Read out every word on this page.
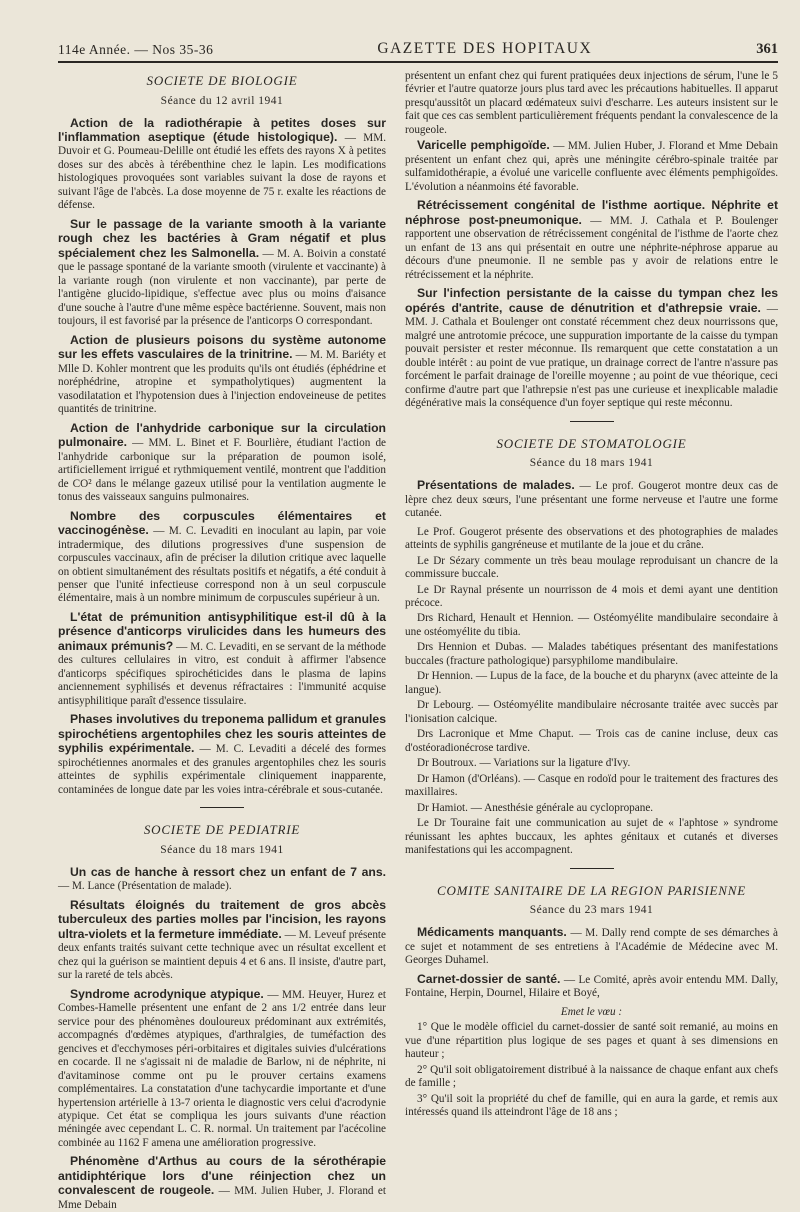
114e Année. — Nos 35-36	GAZETTE DES HOPITAUX	361
SOCIETE DE BIOLOGIE
Séance du 12 avril 1941

Action de la radiothérapie à petites doses sur l'inflammation aseptique (étude histologique). — MM. Duvoir et G. Poumeau-Delille ont étudié les effets des rayons X à petites doses sur des abcès à térébenthine chez le lapin. Les modifications histologiques provoquées sont variables suivant la dose de rayons et suivant l'âge de l'abcès. La dose moyenne de 75 r. exalte les réactions de défense.

Sur le passage de la variante smooth à la variante rough chez les bactéries à Gram négatif et plus spécialement chez les Salmonella. — M. A. Boivin a constaté que le passage spontané de la variante smooth (virulente et vaccinante) à la variante rough (non virulente et non vaccinante), par perte de l'antigène glucido-lipidique, s'effectue avec plus ou moins d'aisance d'une souche à l'autre d'une même espèce bactérienne. Souvent, mais non toujours, il est favorisé par la présence de l'anticorps O correspondant.

Action de plusieurs poisons du système autonome sur les effets vasculaires de la trinitrine. — M. M. Bariéty et Mlle D. Kohler montrent que les produits qu'ils ont étudiés (éphédrine et noréphédrine, atropine et sympatholytiques) augmentent la vasodilatation et l'hypotension dues à l'injection endoveineuse de petites quantités de trinitrine.

Action de l'anhydride carbonique sur la circulation pulmonaire. — MM. L. Binet et F. Bourlière, étudiant l'action de l'anhydride carbonique sur la préparation de poumon isolé, artificiellement irrigué et rythmiquement ventilé, montrent que l'addition de CO² dans le mélange gazeux utilisé pour la ventilation augmente le tonus des vaisseaux sanguins pulmonaires.

Nombre des corpuscules élémentaires et vaccinogénèse. — M. C. Levaditi en inoculant au lapin, par voie intradermique, des dilutions progressives d'une suspension de corpuscules vaccinaux, afin de préciser la dilution critique avec laquelle on obtient simultanément des résultats positifs et négatifs, a été conduit à penser que l'unité infectieuse correspond non à un seul corpuscule élémentaire, mais à un nombre minimum de corpuscules supérieur à un.

L'état de prémunition antisyphilitique est-il dû à la présence d'anticorps virulicides dans les humeurs des animaux prémunis? — M. C. Levaditi, en se servant de la méthode des cultures cellulaires in vitro, est conduit à affirmer l'absence d'anticorps spécifiques spirochéticides dans le plasma de lapins anciennement syphilisés et devenus réfractaires : l'immunité acquise antisyphilitique paraît d'essence tissulaire.

Phases involutives du treponema pallidum et granules spirochétiens argentophiles chez les souris atteintes de syphilis expérimentale. — M. C. Levaditi a décelé des formes spirochétiennes anormales et des granules argentophiles chez les souris atteintes de syphilis expérimentale cliniquement inapparente, contaminées de longue date par les voies intra-cérébrale et sous-cutanée.

SOCIETE DE PEDIATRIE
Séance du 18 mars 1941

Un cas de hanche à ressort chez un enfant de 7 ans. — M. Lance (Présentation de malade).

Résultats éloignés du traitement de gros abcès tuberculeux des parties molles par l'incision, les rayons ultra-violets et la fermeture immédiate. — M. Leveuf présente deux enfants traités suivant cette technique avec un résultat excellent et chez qui la guérison se maintient depuis 4 et 6 ans. Il insiste, d'autre part, sur la rareté de tels abcès.

Syndrome acrodynique atypique. — MM. Heuyer, Hurez et Combes-Hamelle présentent une enfant de 2 ans 1/2 entrée dans leur service pour des phénomènes douloureux prédominant aux extrémités, accompagnés d'œdèmes atypiques, d'arthralgies, de tuméfaction des gencives et d'ecchymoses péri-orbitaires et digitales suivies d'ulcérations en cocarde. Il ne s'agissait ni de maladie de Barlow, ni de néphrite, ni d'avitaminose comme ont pu le prouver certains examens complémentaires. La constatation d'une tachycardie importante et d'une hypertension artérielle à 13-7 orienta le diagnostic vers celui d'acrodynie atypique. Cet état se compliqua les jours suivants d'une réaction méningée avec cependant L. C. R. normal. Un traitement par l'acécoline combinée au 1162 F amena une amélioration progressive.

Phénomène d'Arthus au cours de la sérothérapie antidiphtérique lors d'une réinjection chez un convalescent de rougeole. — MM. Julien Huber, J. Florand et Mme Debain

présentent un enfant chez qui furent pratiquées deux injections de sérum, l'une le 5 février et l'autre quatorze jours plus tard avec les précautions habituelles. Il apparut presqu'aussitôt un placard œdémateux suivi d'escharre. Les auteurs insistent sur le fait que ces cas semblent particulièrement fréquents pendant la convalescence de la rougeole.

Varicelle pemphigoïde. — MM. Julien Huber, J. Florand et Mme Debain présentent un enfant chez qui, après une méningite cérébro-spinale traitée par sulfamidothérapie, a évolué une varicelle confluente avec éléments pemphigoïdes. L'évolution a néanmoins été favorable.

Rétrécissement congénital de l'isthme aortique. Néphrite et néphrose post-pneumonique. — MM. J. Cathala et P. Boulenger rapportent une observation de rétrécissement congénital de l'isthme de l'aorte chez un enfant de 13 ans qui présentait en outre une néphrite-néphrose apparue au décours d'une pneumonie. Il ne semble pas y avoir de relations entre le rétrécissement et la néphrite.

Sur l'infection persistante de la caisse du tympan chez les opérés d'antrite, cause de dénutrition et d'athrepsie vraie. — MM. J. Cathala et Boulenger ont constaté récemment chez deux nourrissons que, malgré une antrotomie précoce, une suppuration importante de la caisse du tympan pouvait persister et rester méconnue. Ils remarquent que cette constatation a un double intérêt : au point de vue pratique, un drainage correct de l'antre n'assure pas forcément le parfait drainage de l'oreille moyenne ; au point de vue théorique, ceci confirme d'autre part que l'athrepsie n'est pas une curieuse et inexplicable maladie dégénérative mais la conséquence d'un foyer septique qui reste méconnu.

SOCIETE DE STOMATOLOGIE
Séance du 18 mars 1941

Présentations de malades. — Le prof. Gougerot montre deux cas de lèpre chez deux sœurs, l'une présentant une forme nerveuse et l'autre une forme cutanée.

Le Prof. Gougerot présente des observations et des photographies de malades atteints de syphilis gangréneuse et mutilante de la joue et du crâne.

Le Dr Sézary commente un très beau moulage reproduisant un chancre de la commissure buccale.

Le Dr Raynal présente un nourrisson de 4 mois et demi ayant une dentition précoce.

Drs Richard, Henault et Hennion. — Ostéomyélite mandibulaire secondaire à une ostéomyélite du tibia.

Drs Hennion et Dubas. — Malades tabétiques présentant des manifestations buccales (fracture pathologique) parsyphilome mandibulaire.

Dr Hennion. — Lupus de la face, de la bouche et du pharynx (avec atteinte de la langue).

Dr Lebourg. — Ostéomyélite mandibulaire nécrosante traitée avec succès par l'ionisation calcique.

Drs Lacronique et Mme Chaput. — Trois cas de canine incluse, deux cas d'ostéoradionécrose tardive.

Dr Boutroux. — Variations sur la ligature d'Ivy.

Dr Hamon (d'Orléans). — Casque en rodoïd pour le traitement des fractures des maxillaires.

Dr Hamiot. — Anesthésie générale au cyclopropane.

Le Dr Touraine fait une communication au sujet de « l'aphtose » syndrome réunissant les aphtes buccaux, les aphtes génitaux et cutanés et diverses manifestations qui les accompagnent.

COMITE SANITAIRE DE LA REGION PARISIENNE
Séance du 23 mars 1941

Médicaments manquants. — M. Dally rend compte de ses démarches à ce sujet et notamment de ses entretiens à l'Académie de Médecine avec M. Georges Duhamel.

Carnet-dossier de santé. — Le Comité, après avoir entendu MM. Dally, Fontaine, Herpin, Dournel, Hilaire et Boyé,

Emet le vœu :

1° Que le modèle officiel du carnet-dossier de santé soit remanié, au moins en vue d'une répartition plus logique de ses pages et quant à ses dimensions en hauteur ;

2° Qu'il soit obligatoirement distribué à la naissance de chaque enfant aux chefs de famille ;

3° Qu'il soit la propriété du chef de famille, qui en aura la garde, et remis aux intéressés quand ils atteindront l'âge de 18 ans ;
